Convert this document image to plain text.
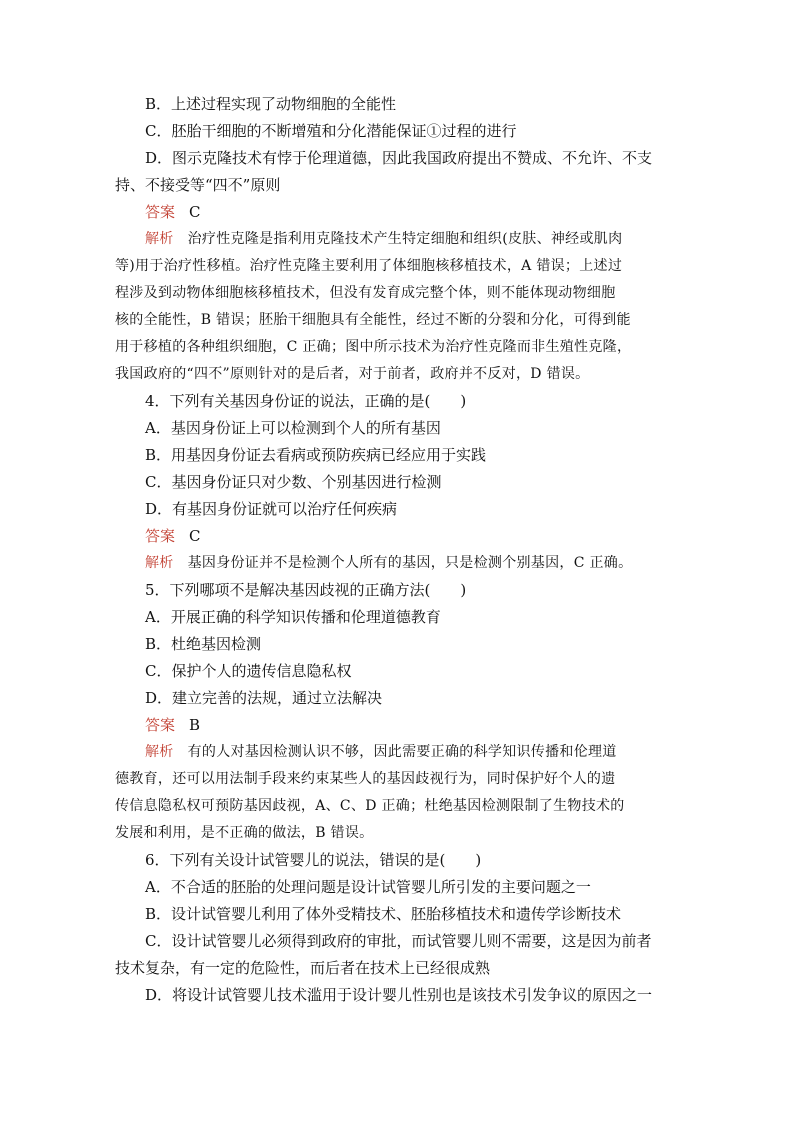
B．上述过程实现了动物细胞的全能性
C．胚胎干细胞的不断增殖和分化潜能保证①过程的进行
D．图示克隆技术有悖于伦理道德，因此我国政府提出不赞成、不允许、不支
持、不接受等“四不”原则
答案 C
解析 治疗性克隆是指利用克隆技术产生特定细胞和组织(皮肤、神经或肌肉
等)用于治疗性移植。治疗性克隆主要利用了体细胞核移植技术，A 错误；上述过
程涉及到动物体细胞核移植技术，但没有发育成完整个体，则不能体现动物细胞
核的全能性，B 错误；胚胎干细胞具有全能性，经过不断的分裂和分化，可得到能
用于移植的各种组织细胞，C 正确；图中所示技术为治疗性克隆而非生殖性克隆，
我国政府的“四不”原则针对的是后者，对于前者，政府并不反对，D 错误。
4．下列有关基因身份证的说法，正确的是(　　)
A．基因身份证上可以检测到个人的所有基因
B．用基因身份证去看病或预防疾病已经应用于实践
C．基因身份证只对少数、个别基因进行检测
D．有基因身份证就可以治疗任何疾病
答案 C
解析 基因身份证并不是检测个人所有的基因，只是检测个别基因，C 正确。
5．下列哪项不是解决基因歧视的正确方法(　　)
A．开展正确的科学知识传播和伦理道德教育
B．杜绝基因检测
C．保护个人的遗传信息隐私权
D．建立完善的法规，通过立法解决
答案 B
解析 有的人对基因检测认识不够，因此需要正确的科学知识传播和伦理道
德教育，还可以用法制手段来约束某些人的基因歧视行为，同时保护好个人的遗
传信息隐私权可预防基因歧视，A、C、D 正确；杜绝基因检测限制了生物技术的
发展和利用，是不正确的做法，B 错误。
6．下列有关设计试管婴儿的说法，错误的是(　　)
A．不合适的胚胎的处理问题是设计试管婴儿所引发的主要问题之一
B．设计试管婴儿利用了体外受精技术、胚胎移植技术和遗传学诊断技术
C．设计试管婴儿必须得到政府的审批，而试管婴儿则不需要，这是因为前者
技术复杂，有一定的危险性，而后者在技术上已经很成熟
D．将设计试管婴儿技术滥用于设计婴儿性别也是该技术引发争议的原因之一
